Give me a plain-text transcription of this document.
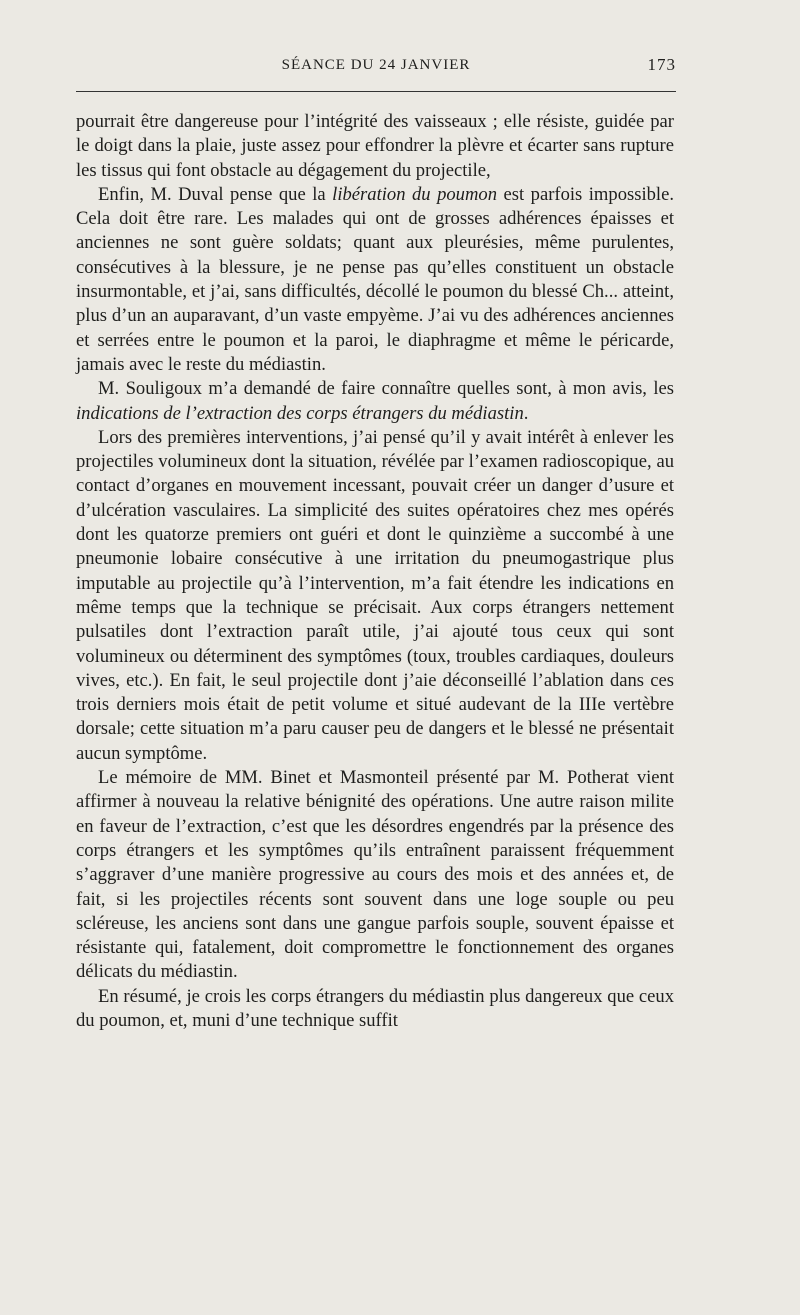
SÉANCE DU 24 JANVIER	173

pourrait être dangereuse pour l’intégrité des vaisseaux ; elle résiste, guidée par le doigt dans la plaie, juste assez pour effondrer la plèvre et écarter sans rupture les tissus qui font obstacle au dégagement du projectile,

Enfin, M. Duval pense que la libération du poumon est parfois impossible. Cela doit être rare. Les malades qui ont de grosses adhérences épaisses et anciennes ne sont guère soldats; quant aux pleurésies, même purulentes, consécutives à la blessure, je ne pense pas qu’elles constituent un obstacle insurmontable, et j’ai, sans difficultés, décollé le poumon du blessé Ch... atteint, plus d’un an auparavant, d’un vaste empyème. J’ai vu des adhérences anciennes et serrées entre le poumon et la paroi, le diaphragme et même le péricarde, jamais avec le reste du médiastin.

M. Souligoux m’a demandé de faire connaître quelles sont, à mon avis, les indications de l’extraction des corps étrangers du médiastin.

Lors des premières interventions, j’ai pensé qu’il y avait intérêt à enlever les projectiles volumineux dont la situation, révélée par l’examen radioscopique, au contact d’organes en mouvement incessant, pouvait créer un danger d’usure et d’ulcération vasculaires. La simplicité des suites opératoires chez mes opérés dont les quatorze premiers ont guéri et dont le quinzième a succombé à une pneumonie lobaire consécutive à une irritation du pneumogastrique plus imputable au projectile qu’à l’intervention, m’a fait étendre les indications en même temps que la technique se précisait. Aux corps étrangers nettement pulsatiles dont l’extraction paraît utile, j’ai ajouté tous ceux qui sont volumineux ou déterminent des symptômes (toux, troubles cardiaques, douleurs vives, etc.). En fait, le seul projectile dont j’aie déconseillé l’ablation dans ces trois derniers mois était de petit volume et situé audevant de la IIIe vertèbre dorsale; cette situation m’a paru causer peu de dangers et le blessé ne présentait aucun symptôme.

Le mémoire de MM. Binet et Masmonteil présenté par M. Potherat vient affirmer à nouveau la relative bénignité des opérations. Une autre raison milite en faveur de l’extraction, c’est que les désordres engendrés par la présence des corps étrangers et les symptômes qu’ils entraînent paraissent fréquemment s’aggraver d’une manière progressive au cours des mois et des années et, de fait, si les projectiles récents sont souvent dans une loge souple ou peu scléreuse, les anciens sont dans une gangue parfois souple, souvent épaisse et résistante qui, fatalement, doit compromettre le fonctionnement des organes délicats du médiastin.

En résumé, je crois les corps étrangers du médiastin plus dangereux que ceux du poumon, et, muni d’une technique suffit
